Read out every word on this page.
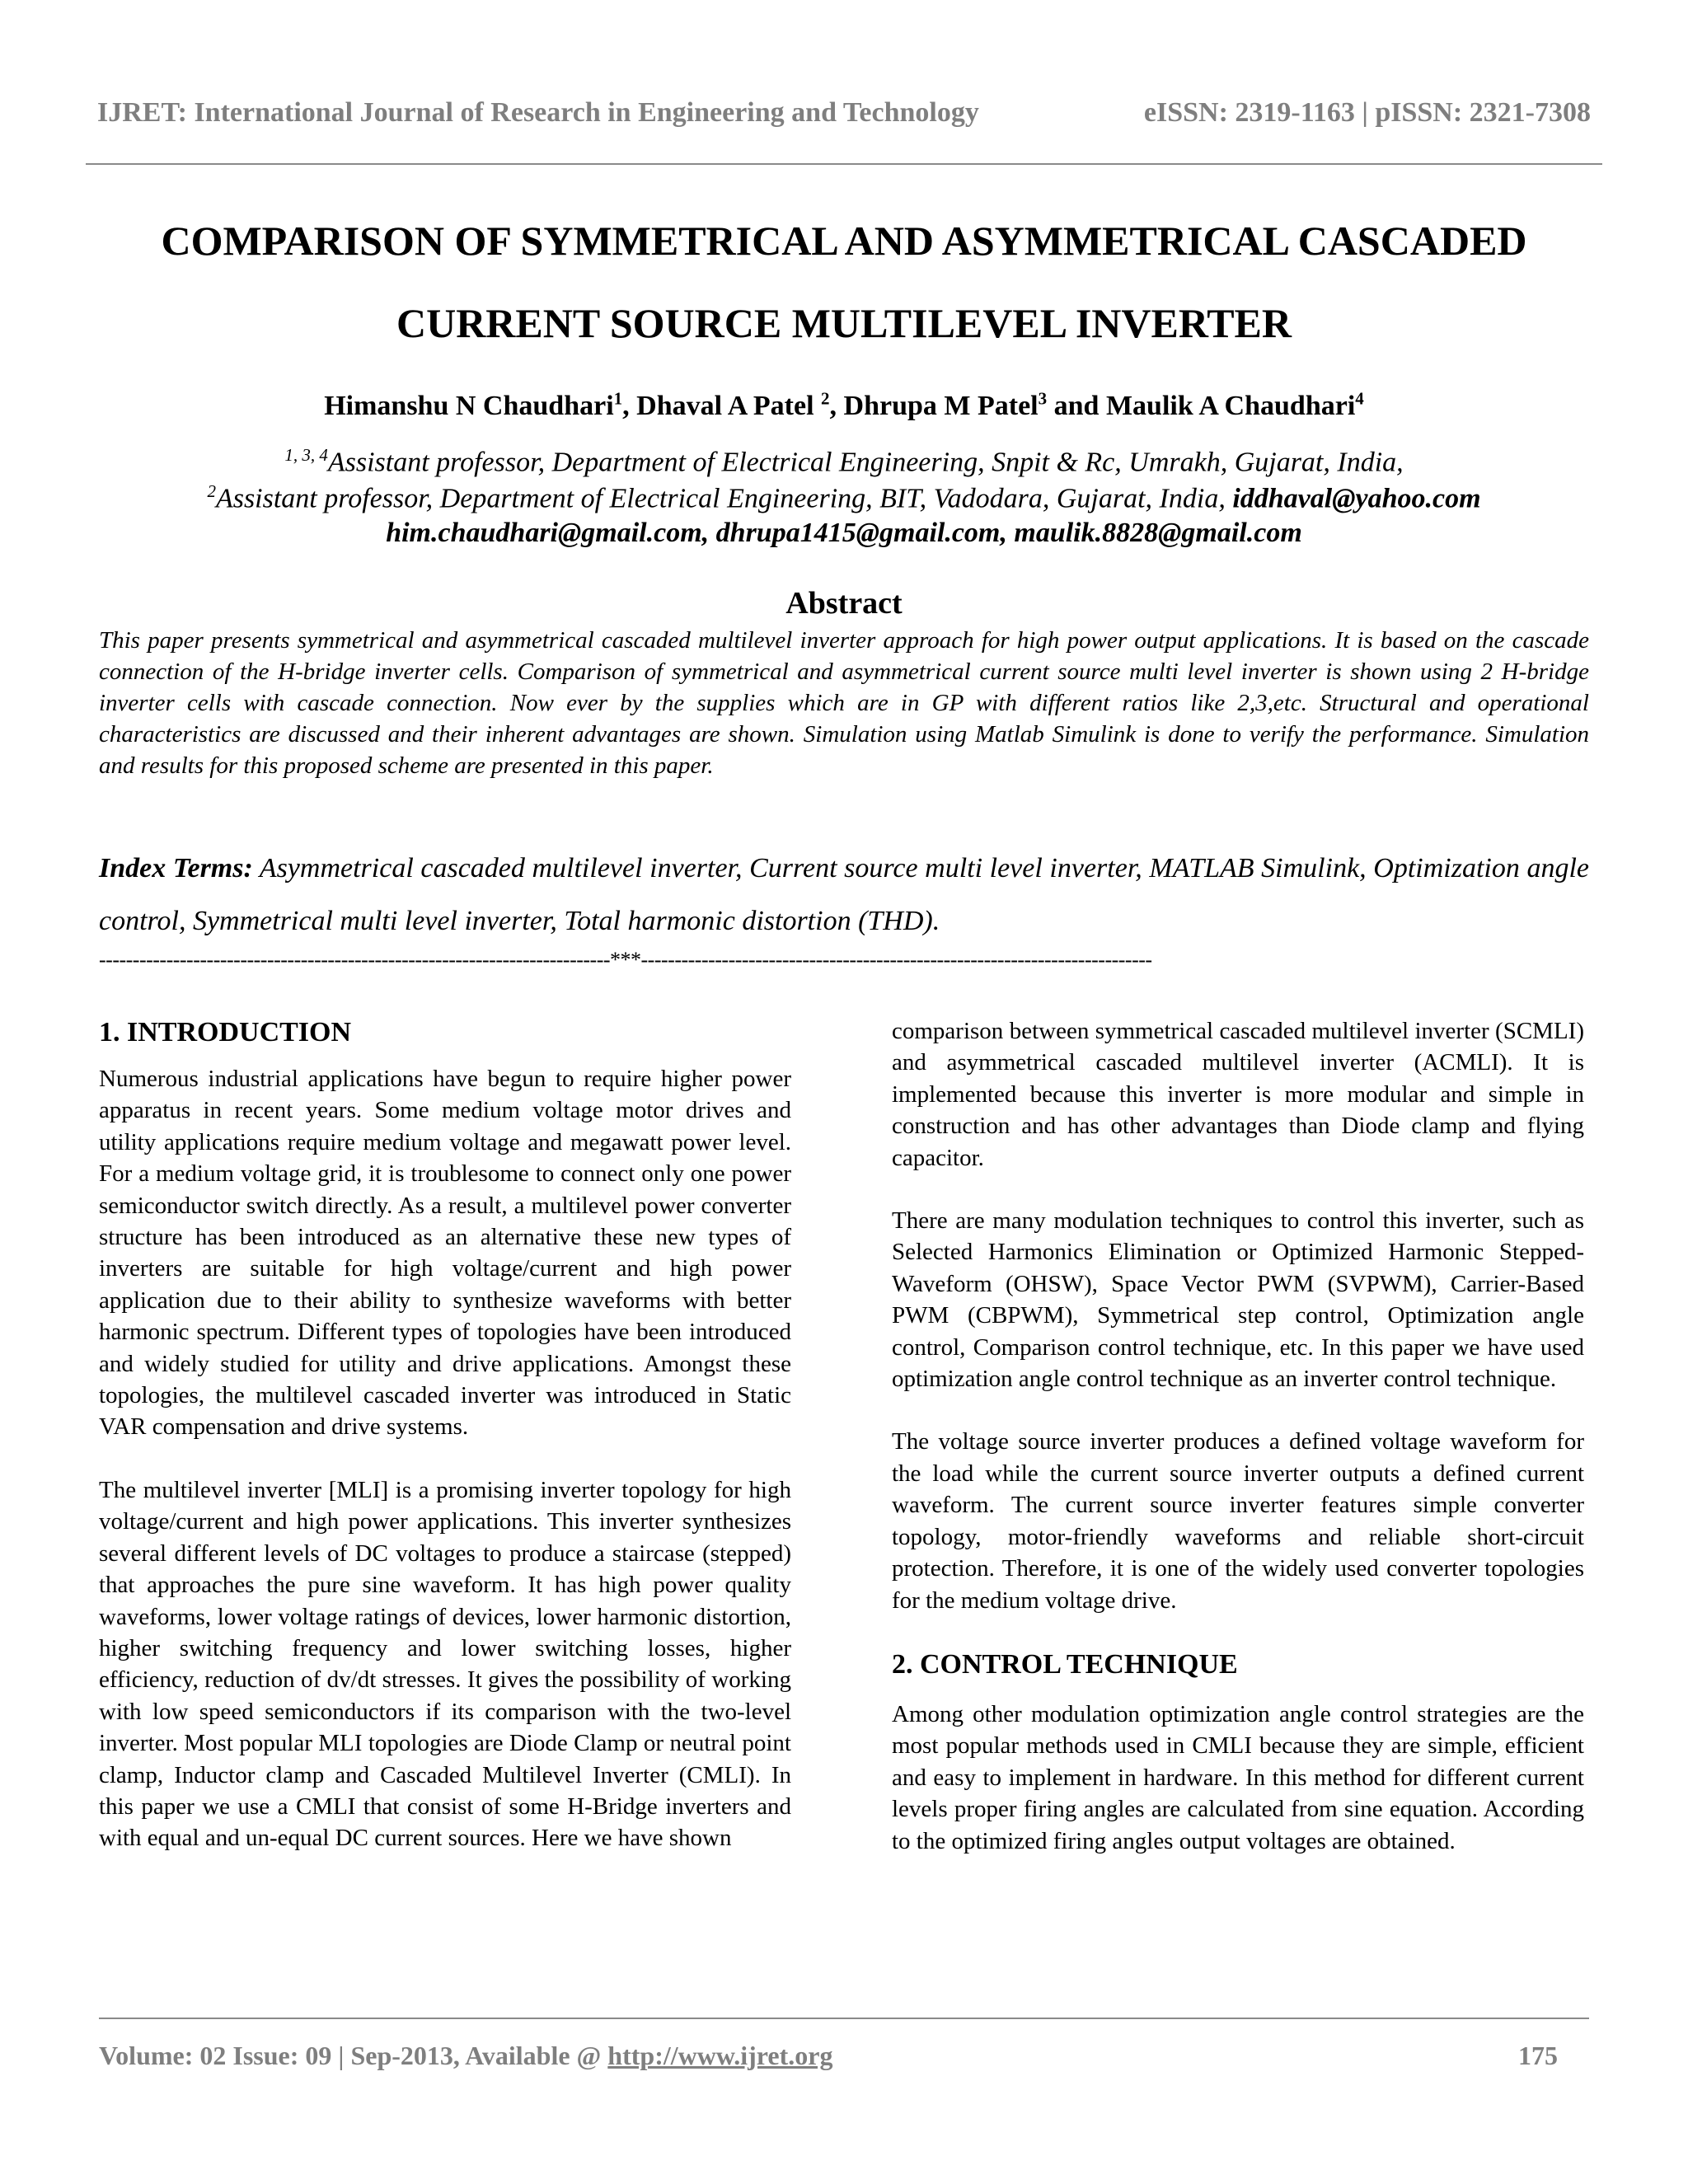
IJRET: International Journal of Research in Engineering and Technology	eISSN: 2319-1163 | pISSN: 2321-7308
COMPARISON OF SYMMETRICAL AND ASYMMETRICAL CASCADED
CURRENT SOURCE MULTILEVEL INVERTER
Himanshu N Chaudhari$^1$, Dhaval A Patel $^2$, Dhrupa M Patel$^3$ and Maulik A Chaudhari$^4$
$^{1, 3, 4}$Assistant professor, Department of Electrical Engineering, Snpit & Rc, Umrakh, Gujarat, India,
$^2$Assistant professor, Department of Electrical Engineering, BIT, Vadodara, Gujarat, India, iddhaval@yahoo.com
him.chaudhari@gmail.com, dhrupa1415@gmail.com, maulik.8828@gmail.com
Abstract
This paper presents symmetrical and asymmetrical cascaded multilevel inverter approach for high power output applications. It is based on the cascade connection of the H-bridge inverter cells. Comparison of symmetrical and asymmetrical current source multi level inverter is shown using 2 H-bridge inverter cells with cascade connection. Now ever by the supplies which are in GP with different ratios like 2,3,etc. Structural and operational characteristics are discussed and their inherent advantages are shown. Simulation using Matlab Simulink is done to verify the performance. Simulation and results for this proposed scheme are presented in this paper.
Index Terms: Asymmetrical cascaded multilevel inverter, Current source multi level inverter, MATLAB Simulink, Optimization angle control, Symmetrical multi level inverter, Total harmonic distortion (THD).
----------------------------------------------------------------------------***----------------------------------------------------------------------------
1. INTRODUCTION

Numerous industrial applications have begun to require higher power apparatus in recent years. Some medium voltage motor drives and utility applications require medium voltage and megawatt power level. For a medium voltage grid, it is troublesome to connect only one power semiconductor switch directly. As a result, a multilevel power converter structure has been introduced as an alternative these new types of inverters are suitable for high voltage/current and high power application due to their ability to synthesize waveforms with better harmonic spectrum. Different types of topologies have been introduced and widely studied for utility and drive applications. Amongst these topologies, the multilevel cascaded inverter was introduced in Static VAR compensation and drive systems.

The multilevel inverter [MLI] is a promising inverter topology for high voltage/current and high power applications. This inverter synthesizes several different levels of DC voltages to produce a staircase (stepped) that approaches the pure sine waveform. It has high power quality waveforms, lower voltage ratings of devices, lower harmonic distortion, higher switching frequency and lower switching losses, higher efficiency, reduction of dv/dt stresses. It gives the possibility of working with low speed semiconductors if its comparison with the two-level inverter. Most popular MLI topologies are Diode Clamp or neutral point clamp, Inductor clamp and Cascaded Multilevel Inverter (CMLI). In this paper we use a CMLI that consist of some H-Bridge inverters and with equal and un-equal DC current sources. Here we have shown

comparison between symmetrical cascaded multilevel inverter (SCMLI) and asymmetrical cascaded multilevel inverter (ACMLI). It is implemented because this inverter is more modular and simple in construction and has other advantages than Diode clamp and flying capacitor.

There are many modulation techniques to control this inverter, such as Selected Harmonics Elimination or Optimized Harmonic Stepped-Waveform (OHSW), Space Vector PWM (SVPWM), Carrier-Based PWM (CBPWM), Symmetrical step control, Optimization angle control, Comparison control technique, etc. In this paper we have used optimization angle control technique as an inverter control technique.

The voltage source inverter produces a defined voltage waveform for the load while the current source inverter outputs a defined current waveform. The current source inverter features simple converter topology, motor-friendly waveforms and reliable short-circuit protection. Therefore, it is one of the widely used converter topologies for the medium voltage drive.

2. CONTROL TECHNIQUE

Among other modulation optimization angle control strategies are the most popular methods used in CMLI because they are simple, efficient and easy to implement in hardware. In this method for different current levels proper firing angles are calculated from sine equation. According to the optimized firing angles output voltages are obtained.

Volume: 02 Issue: 09 | Sep-2013, Available @ http://www.ijret.org	175
